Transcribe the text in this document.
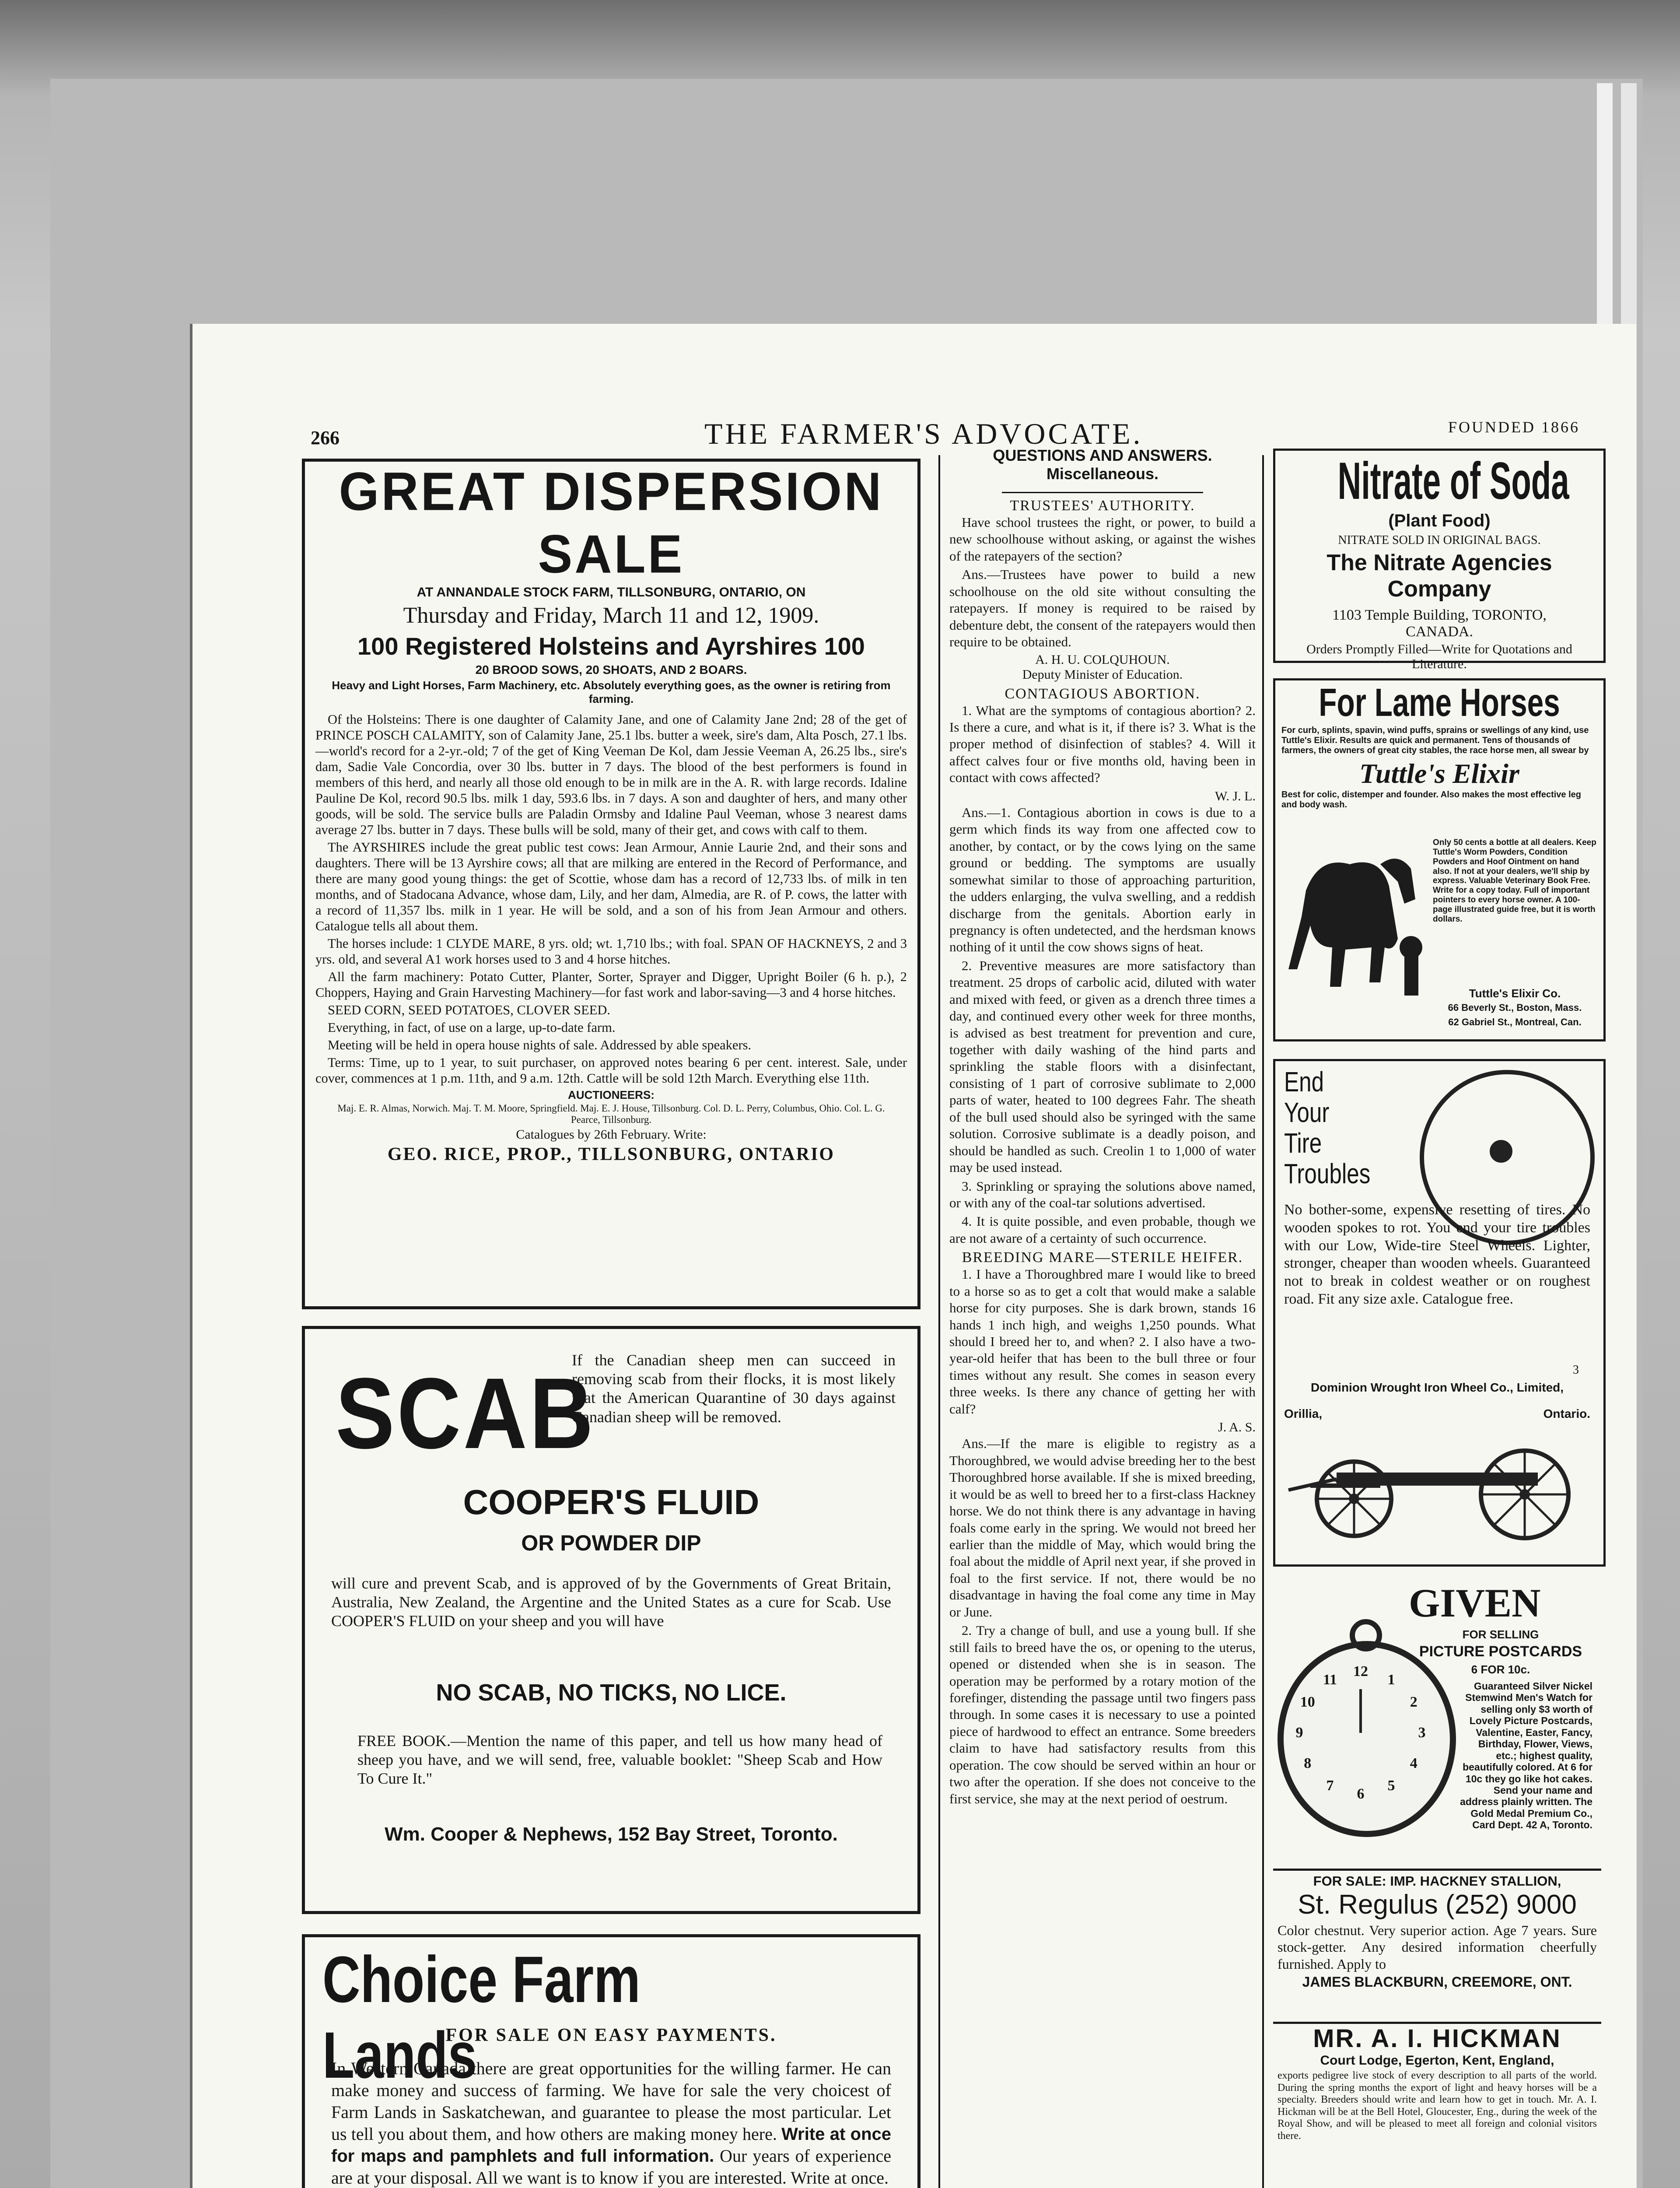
266	THE FARMER'S ADVOCATE.	FOUNDED 1866
GREAT DISPERSION SALE
AT ANNANDALE STOCK FARM, TILLSONBURG, ONTARIO, ON
Thursday and Friday, March 11 and 12, 1909.
100 Registered Holsteins and Ayrshires 100
20 BROOD SOWS, 20 SHOATS, AND 2 BOARS.
Heavy and Light Horses, Farm Machinery, etc. Absolutely everything goes, as the owner is retiring from farming.

Of the Holsteins: There is one daughter of Calamity Jane, and one of Calamity Jane 2nd; 28 of the get of PRINCE POSCH CALAMITY, son of Calamity Jane, 25.1 lbs. butter a week, sire's dam, Alta Posch, 27.1 lbs.—world's record for a 2-yr.-old; 7 of the get of King Veeman De Kol, dam Jessie Veeman A, 26.25 lbs., sire's dam, Sadie Vale Concordia, over 30 lbs. butter in 7 days. The blood of the best performers is found in members of this herd, and nearly all those old enough to be in milk are in the A. R. with large records. Idaline Pauline De Kol, record 90.5 lbs. milk 1 day, 593.6 lbs. in 7 days. A son and daughter of hers, and many other goods, will be sold. The service bulls are Paladin Ormsby and Idaline Paul Veeman, whose 3 nearest dams average 27 lbs. butter in 7 days. These bulls will be sold, many of their get, and cows with calf to them.

The AYRSHIRES include the great public test cows: Jean Armour, Annie Laurie 2nd, and their sons and daughters. There will be 13 Ayrshire cows; all that are milking are entered in the Record of Performance, and there are many good young things: the get of Scottie, whose dam has a record of 12,733 lbs. of milk in ten months, and of Stadocana Advance, whose dam, Lily, and her dam, Almedia, are R. of P. cows, the latter with a record of 11,357 lbs. milk in 1 year. He will be sold, and a son of his from Jean Armour and others. Catalogue tells all about them.

The horses include: 1 CLYDE MARE, 8 yrs. old; wt. 1,710 lbs.; with foal. SPAN OF HACKNEYS, 2 and 3 yrs. old, and several A1 work horses used to 3 and 4 horse hitches.

All the farm machinery: Potato Cutter, Planter, Sorter, Sprayer and Digger, Upright Boiler (6 h. p.), 2 Choppers, Haying and Grain Harvesting Machinery—for fast work and labor-saving—3 and 4 horse hitches.

SEED CORN, SEED POTATOES, CLOVER SEED.

Everything, in fact, of use on a large, up-to-date farm.

Meeting will be held in opera house nights of sale. Addressed by able speakers.

Terms: Time, up to 1 year, to suit purchaser, on approved notes bearing 6 per cent. interest. Sale, under cover, commences at 1 p.m. 11th, and 9 a.m. 12th. Cattle will be sold 12th March. Everything else 11th.

AUCTIONEERS:
Maj. E. R. Almas, Norwich. Maj. T. M. Moore, Springfield. Maj. E. J. House, Tillsonburg. Col. D. L. Perry, Columbus, Ohio. Col. L. G. Pearce, Tillsonburg.
Catalogues by 26th February. Write:
GEO. RICE, PROP., TILLSONBURG, ONTARIO
SCAB
If the Canadian sheep men can succeed in removing scab from their flocks, it is most likely that the American Quarantine of 30 days against Canadian sheep will be removed.
COOPER'S FLUID
OR POWDER DIP
will cure and prevent Scab, and is approved of by the Governments of Great Britain, Australia, New Zealand, the Argentine and the United States as a cure for Scab. Use COOPER'S FLUID on your sheep and you will have
NO SCAB, NO TICKS, NO LICE.
FREE BOOK.—Mention the name of this paper, and tell us how many head of sheep you have, and we will send, free, valuable booklet: "Sheep Scab and How To Cure It."
Wm. Cooper & Nephews, 152 Bay Street, Toronto.
Choice Farm Lands
FOR SALE ON EASY PAYMENTS.
In Western Canada there are great opportunities for the willing farmer. He can make money and success of farming. We have for sale the very choicest of Farm Lands in Saskatchewan, and guarantee to please the most particular. Let us tell you about them, and how others are making money here. Write at once for maps and pamphlets and full information. Our years of experience are at your disposal. All we want is to know if you are interested. Write at once.
QUESTIONS AND ANSWERS.
Miscellaneous.
TRUSTEES' AUTHORITY.

Have school trustees the right, or power, to build a new schoolhouse without asking, or against the wishes of the ratepayers of the section?

Ans.—Trustees have power to build a new schoolhouse on the old site without consulting the ratepayers. If money is required to be raised by debenture debt, the consent of the ratepayers would then require to be obtained.

A. H. U. COLQUHOUN.
Deputy Minister of Education.
CONTAGIOUS ABORTION.

1. What are the symptoms of contagious abortion? 2. Is there a cure, and what is it, if there is? 3. What is the proper method of disinfection of stables? 4. Will it affect calves four or five months old, having been in contact with cows affected?

W. J. L.

Ans.—1. Contagious abortion in cows is due to a germ which finds its way from one affected cow to another, by contact, or by the cows lying on the same ground or bedding. The symptoms are usually somewhat similar to those of approaching parturition, the udders enlarging, the vulva swelling, and a reddish discharge from the genitals. Abortion early in pregnancy is often undetected, and the herdsman knows nothing of it until the cow shows signs of heat.

2. Preventive measures are more satisfactory than treatment. 25 drops of carbolic acid, diluted with water and mixed with feed, or given as a drench three times a day, and continued every other week for three months, is advised as best treatment for prevention and cure, together with daily washing of the hind parts and sprinkling the stable floors with a disinfectant, consisting of 1 part of corrosive sublimate to 2,000 parts of water, heated to 100 degrees Fahr. The sheath of the bull used should also be syringed with the same solution. Corrosive sublimate is a deadly poison, and should be handled as such. Creolin 1 to 1,000 of water may be used instead.

3. Sprinkling or spraying the solutions above named, or with any of the coal-tar solutions advertised.

4. It is quite possible, and even probable, though we are not aware of a certainty of such occurrence.

BREEDING MARE—STERILE HEIFER.

1. I have a Thoroughbred mare I would like to breed to a horse so as to get a colt that would make a salable horse for city purposes. She is dark brown, stands 16 hands 1 inch high, and weighs 1,250 pounds. What should I breed her to, and when? 2. I also have a two-year-old heifer that has been to the bull three or four times without any result. She comes in season every three weeks. Is there any chance of getting her with calf?

J. A. S.

Ans.—If the mare is eligible to registry as a Thoroughbred, we would advise breeding her to the best Thoroughbred horse available. If she is mixed breeding, it would be as well to breed her to a first-class Hackney horse. We do not think there is any advantage in having foals come early in the spring. We would not breed her earlier than the middle of May, which would bring the foal about the middle of April next year, if she proved in foal to the first service. If not, there would be no disadvantage in having the foal come any time in May or June.

2. Try a change of bull, and use a young bull. If she still fails to breed have the os, or opening to the uterus, opened or distended when she is in season. The operation may be performed by a rotary motion of the forefinger, distending the passage until two fingers pass through. In some cases it is necessary to use a pointed piece of hardwood to effect an entrance. Some breeders claim to have had satisfactory results from this operation. The cow should be served within an hour or two after the operation. If she does not conceive to the first service, she may at the next period of oestrum.

Nitrate of Soda
(Plant Food)
NITRATE SOLD IN ORIGINAL BAGS.
The Nitrate Agencies Company
1103 Temple Building, TORONTO, CANADA.
Orders Promptly Filled—Write for Quotations and Literature.
For Lame Horses
For curb, splints, spavin, wind puffs, sprains or swellings of any kind, use Tuttle's Elixir. Results are quick and permanent. Tens of thousands of farmers, the owners of great city stables, the race horse men, all swear by
Tuttle's Elixir
Best for colic, distemper and founder. Also makes the most effective leg and body wash.
Only 50 cents a bottle at all dealers. Keep Tuttle's Worm Powders, Condition Powders and Hoof Ointment on hand also. If not at your dealers, we'll ship by express. Valuable Veterinary Book Free. Write for a copy today. Full of important pointers to every horse owner. A 100-page illustrated guide free, but it is worth dollars.
Tuttle's Elixir Co.
66 Beverly St., Boston, Mass.
62 Gabriel St., Montreal, Can.
End
Your
Tire
Troubles
No bother-some, expensive resetting of tires. No wooden spokes to rot. You end your tire troubles with our Low, Wide-tire Steel Wheels. Lighter, stronger, cheaper than wooden wheels. Guaranteed not to break in coldest weather or on roughest road. Fit any size axle. Catalogue free.
3
Dominion Wrought Iron Wheel Co., Limited,
Orillia,	Ontario.
GIVEN
FOR SELLING
PICTURE POSTCARDS
6 FOR 10c.
Guaranteed Silver Nickel Stemwind Men's Watch for selling only $3 worth of Lovely Picture Postcards, Valentine, Easter, Fancy, Birthday, Flower, Views, etc.; highest quality, beautifully colored. At 6 for 10c they go like hot cakes. Send your name and address plainly written. The Gold Medal Premium Co., Card Dept. 42 A, Toronto.
12
1
2
3
4
5
6
7
8
9
10
11
FOR SALE: IMP. HACKNEY STALLION,
St. Regulus (252) 9000
Color chestnut. Very superior action. Age 7 years. Sure stock-getter. Any desired information cheerfully furnished. Apply to
JAMES BLACKBURN, CREEMORE, ONT.
MR. A. I. HICKMAN
Court Lodge, Egerton, Kent, England,
exports pedigree live stock of every description to all parts of the world. During the spring months the export of light and heavy horses will be a specialty. Breeders should write and learn how to get in touch. Mr. A. I. Hickman will be at the Bell Hotel, Gloucester, Eng., during the week of the Royal Show, and will be pleased to meet all foreign and colonial visitors there.
